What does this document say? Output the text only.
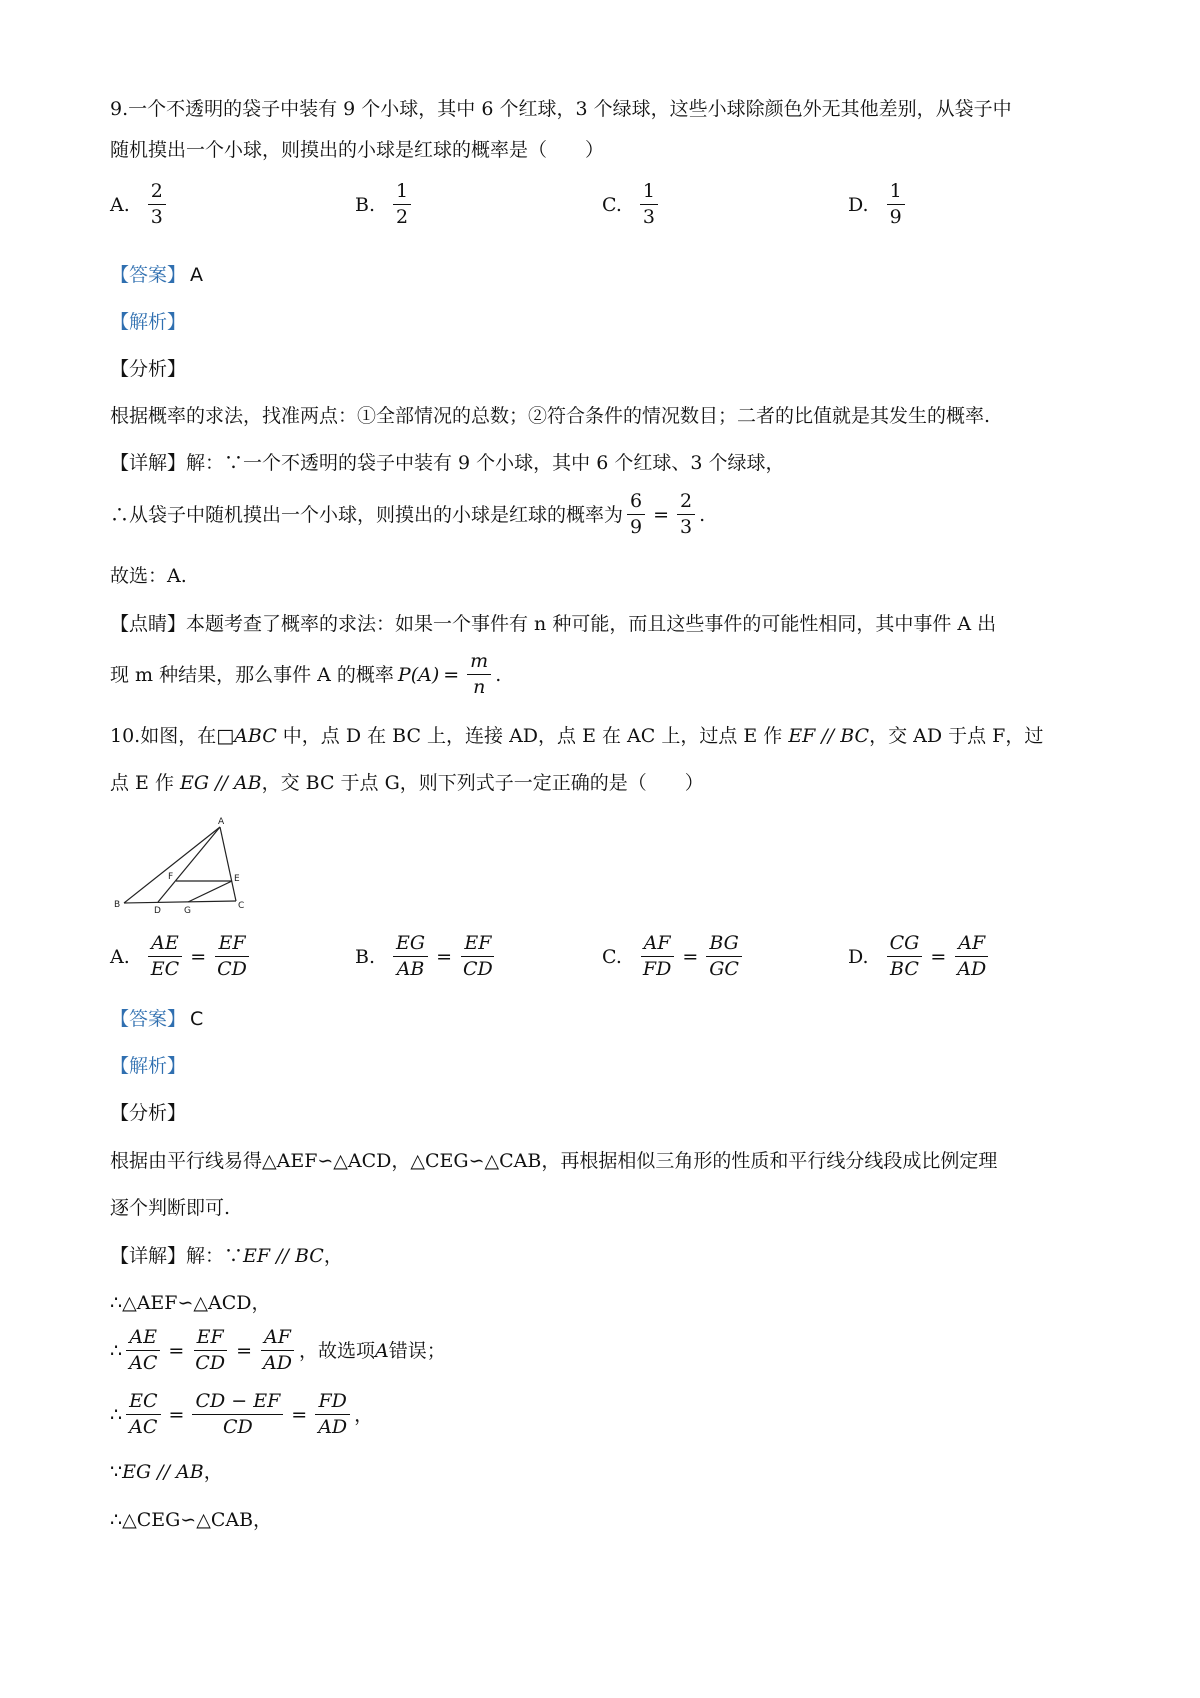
9.一个不透明的袋子中装有 9 个小球，其中 6 个红球，3 个绿球，这些小球除颜色外无其他差别，从袋子中
随机摸出一个小球，则摸出的小球是红球的概率是（　　）
A. $\frac{2}{3}$	B. $\frac{1}{2}$	C. $\frac{1}{3}$	D. $\frac{1}{9}$
【答案】 A
【解析】
【分析】
根据概率的求法，找准两点：①全部情况的总数；②符合条件的情况数目；二者的比值就是其发生的概率.
【详解】解：∵一个不透明的袋子中装有 9 个小球，其中 6 个红球、3 个绿球，
∴从袋子中随机摸出一个小球，则摸出的小球是红球的概率为 $\frac{6}{9} = \frac{2}{3}$ .
故选：A.
【点睛】本题考查了概率的求法：如果一个事件有 n 种可能，而且这些事件的可能性相同，其中事件 A 出
现 m 种结果，那么事件 A 的概率 $P(A) = \frac{m}{n}$ .
10.如图，在□ABC 中，点 D 在 BC 上，连接 AD，点 E 在 AC 上，过点 E 作 EF // BC，交 AD 于点 F，过
点 E 作 EG // AB，交 BC 于点 G，则下列式子一定正确的是（　　）
A
B	C
D
E
F
G
A. $\frac{AE}{EC} = \frac{EF}{CD}$	B. $\frac{EG}{AB} = \frac{EF}{CD}$	C. $\frac{AF}{FD} = \frac{BG}{GC}$	D. $\frac{CG}{BC} = \frac{AF}{AD}$
【答案】 C
【解析】
【分析】
根据由平行线易得△AEF∽△ACD，△CEG∽△CAB，再根据相似三角形的性质和平行线分线段成比例定理
逐个判断即可.
【详解】解：∵EF // BC，
∴△AEF∽△ACD，
∴ $\frac{AE}{AC} = \frac{EF}{CD} = \frac{AF}{AD}$ ，故选项 A 错误；
∴ $\frac{EC}{AC} = \frac{CD - EF}{CD} = \frac{FD}{AD}$ ，
∵EG // AB，
∴△CEG∽△CAB，
